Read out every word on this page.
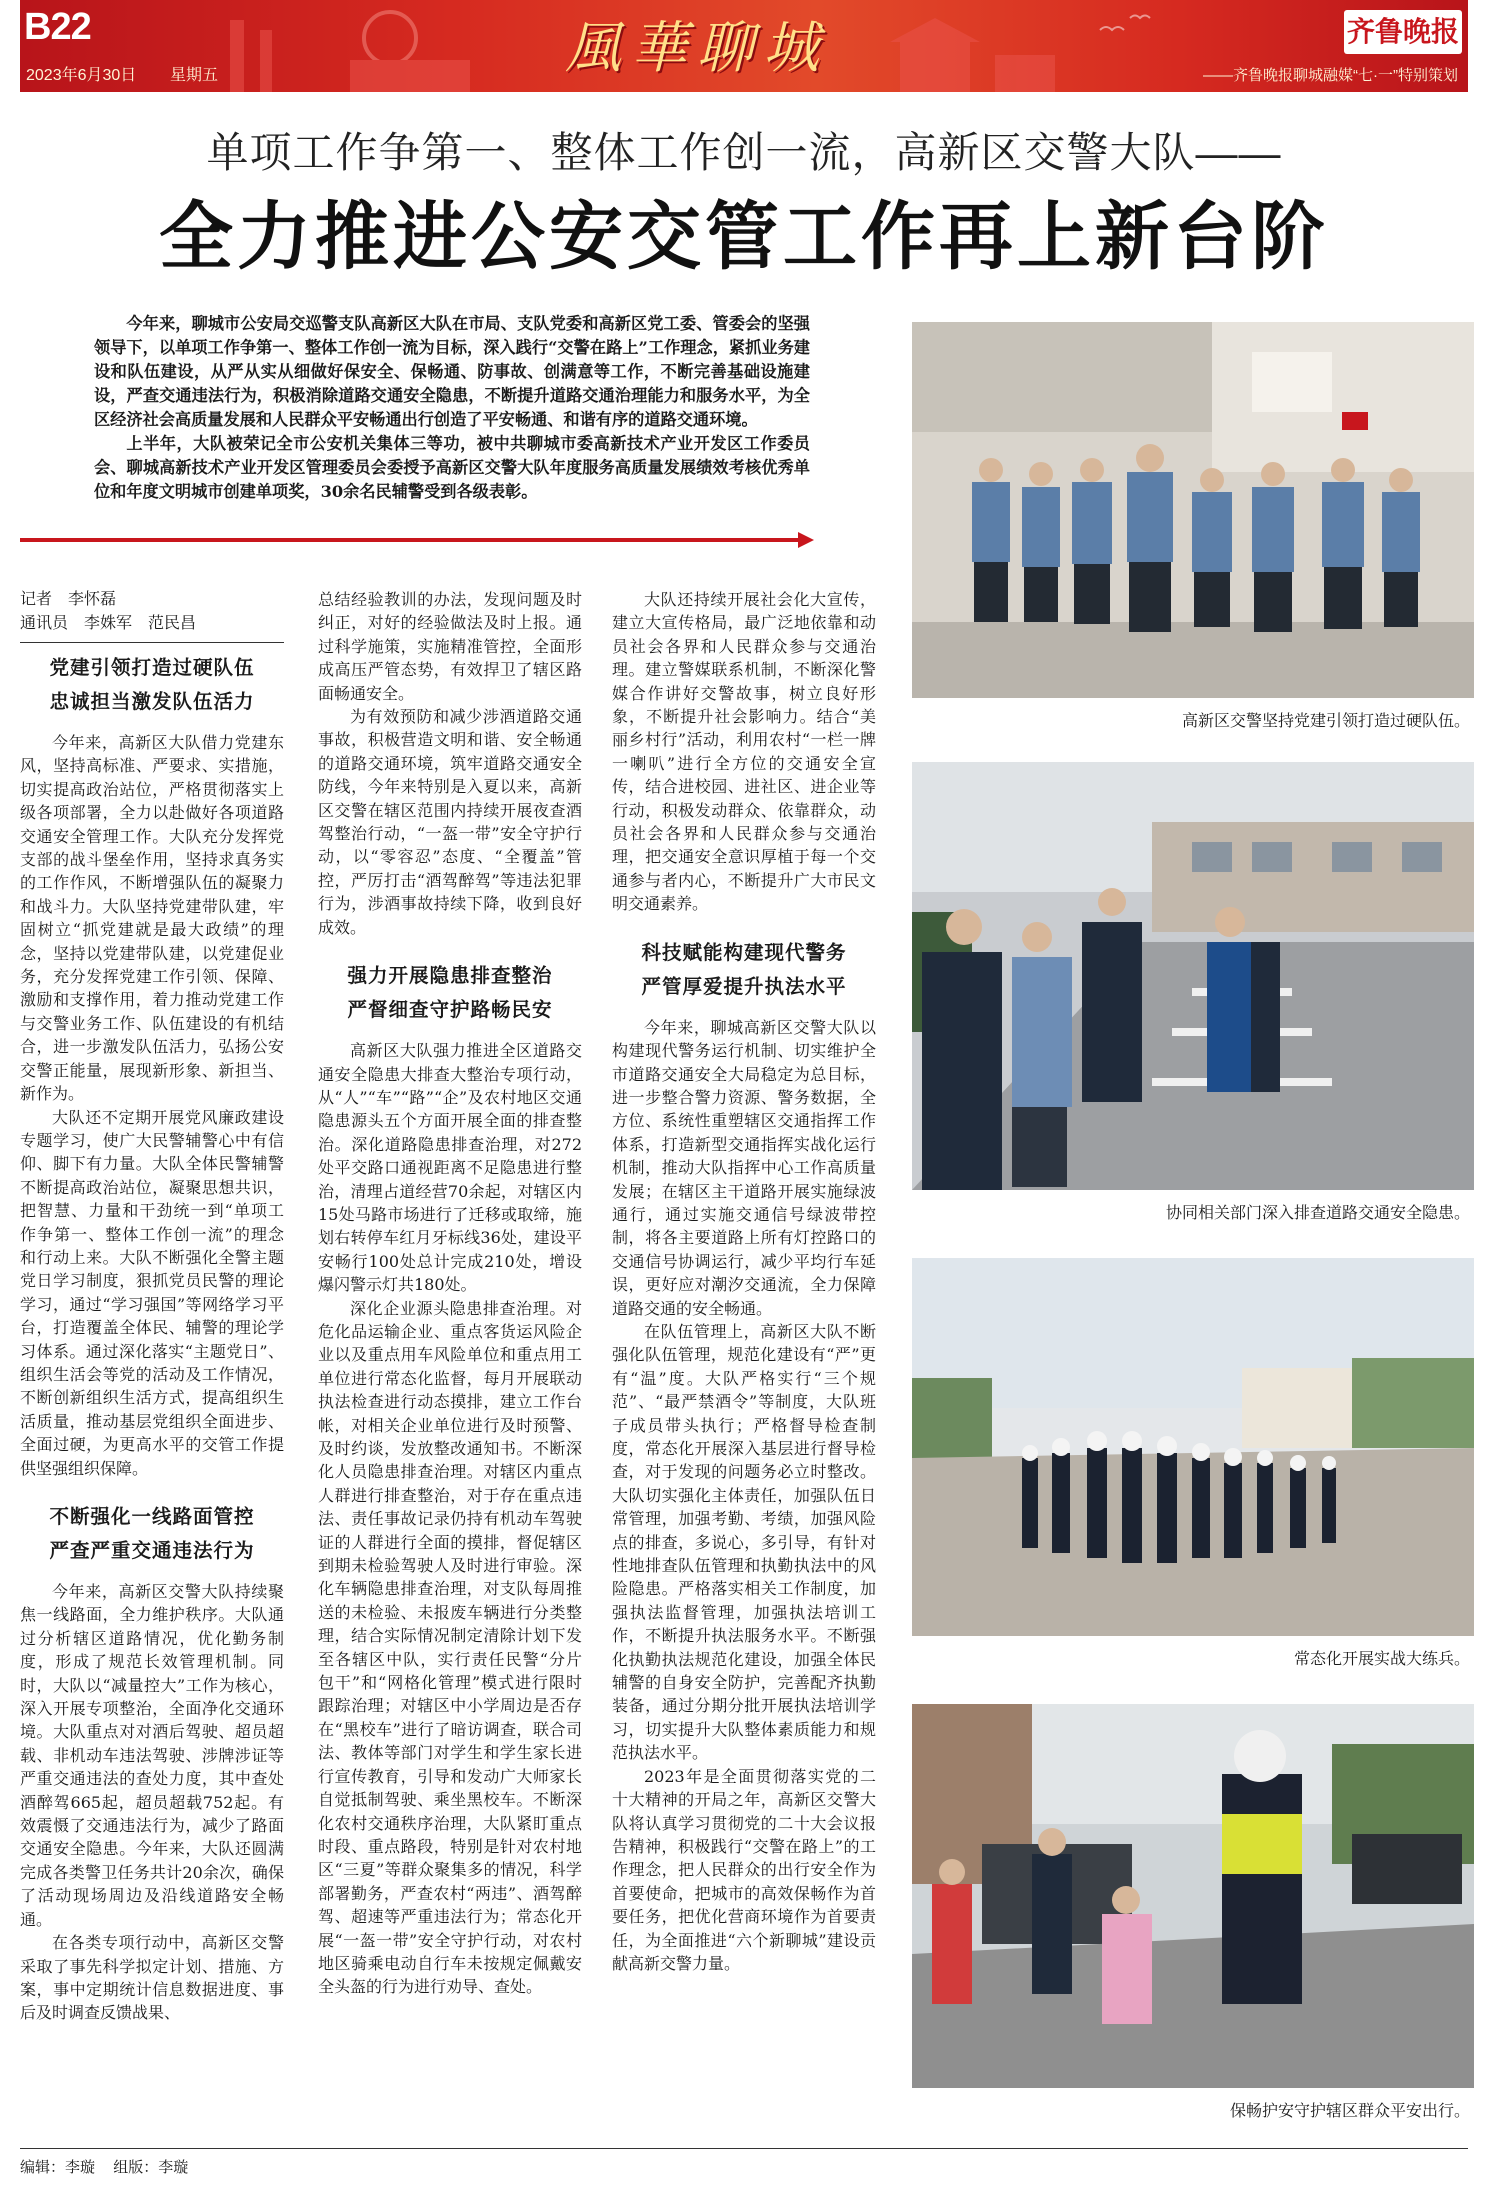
B22
2023年6月30日 星期五	風華聊城	齐鲁晚报
——齐鲁晚报聊城融媒“七·一”特别策划
单项工作争第一、整体工作创一流，高新区交警大队——
全力推进公安交管工作再上新台阶

今年来，聊城市公安局交巡警支队高新区大队在市局、支队党委和高新区党工委、管委会的坚强领导下，以单项工作争第一、整体工作创一流为目标，深入践行“交警在路上”工作理念，紧抓业务建设和队伍建设，从严从实从细做好保安全、保畅通、防事故、创满意等工作，不断完善基础设施建设，严查交通违法行为，积极消除道路交通安全隐患，不断提升道路交通治理能力和服务水平，为全区经济社会高质量发展和人民群众平安畅通出行创造了平安畅通、和谐有序的道路交通环境。

上半年，大队被荣记全市公安机关集体三等功，被中共聊城市委高新技术产业开发区工作委员会、聊城高新技术产业开发区管理委员会委授予高新区交警大队年度服务高质量发展绩效考核优秀单位和年度文明城市创建单项奖，30余名民辅警受到各级表彰。

记者　李怀磊
通讯员　李姝军　范民昌
党建引领打造过硬队伍
忠诚担当激发队伍活力

今年来，高新区大队借力党建东风，坚持高标准、严要求、实措施，切实提高政治站位，严格贯彻落实上级各项部署，全力以赴做好各项道路交通安全管理工作。大队充分发挥党支部的战斗堡垒作用，坚持求真务实的工作作风，不断增强队伍的凝聚力和战斗力。大队坚持党建带队建，牢固树立“抓党建就是最大政绩”的理念，坚持以党建带队建，以党建促业务，充分发挥党建工作引领、保障、激励和支撑作用，着力推动党建工作与交警业务工作、队伍建设的有机结合，进一步激发队伍活力，弘扬公安交警正能量，展现新形象、新担当、新作为。

大队还不定期开展党风廉政建设专题学习，使广大民警辅警心中有信仰、脚下有力量。大队全体民警辅警不断提高政治站位，凝聚思想共识，把智慧、力量和干劲统一到“单项工作争第一、整体工作创一流”的理念和行动上来。大队不断强化全警主题党日学习制度，狠抓党员民警的理论学习，通过“学习强国”等网络学习平台，打造覆盖全体民、辅警的理论学习体系。通过深化落实“主题党日”、组织生活会等党的活动及工作情况，不断创新组织生活方式，提高组织生活质量，推动基层党组织全面进步、全面过硬，为更高水平的交管工作提供坚强组织保障。

不断强化一线路面管控
严查严重交通违法行为

今年来，高新区交警大队持续聚焦一线路面，全力维护秩序。大队通过分析辖区道路情况，优化勤务制度，形成了规范长效管理机制。同时，大队以“减量控大”工作为核心，深入开展专项整治，全面净化交通环境。大队重点对对酒后驾驶、超员超载、非机动车违法驾驶、涉牌涉证等严重交通违法的查处力度，其中查处酒醉驾665起，超员超载752起。有效震慑了交通违法行为，减少了路面交通安全隐患。今年来，大队还圆满完成各类警卫任务共计20余次，确保了活动现场周边及沿线道路安全畅通。

在各类专项行动中，高新区交警采取了事先科学拟定计划、措施、方案，事中定期统计信息数据进度、事后及时调查反馈战果、

总结经验教训的办法，发现问题及时纠正，对好的经验做法及时上报。通过科学施策，实施精准管控，全面形成高压严管态势，有效捍卫了辖区路面畅通安全。

为有效预防和减少涉酒道路交通事故，积极营造文明和谐、安全畅通的道路交通环境，筑牢道路交通安全防线，今年来特别是入夏以来，高新区交警在辖区范围内持续开展夜查酒驾整治行动，“一盔一带”安全守护行动，以“零容忍”态度、“全覆盖”管控，严厉打击“酒驾醉驾”等违法犯罪行为，涉酒事故持续下降，收到良好成效。

强力开展隐患排查整治
严督细查守护路畅民安

高新区大队强力推进全区道路交通安全隐患大排查大整治专项行动，从“人”“车”“路”“企”及农村地区交通隐患源头五个方面开展全面的排查整治。深化道路隐患排查治理，对272处平交路口通视距离不足隐患进行整治，清理占道经营70余起，对辖区内15处马路市场进行了迁移或取缔，施划右转停车红月牙标线36处，建设平安畅行100处总计完成210处，增设爆闪警示灯共180处。

深化企业源头隐患排查治理。对危化品运输企业、重点客货运风险企业以及重点用车风险单位和重点用工单位进行常态化监督，每月开展联动执法检查进行动态摸排，建立工作台帐，对相关企业单位进行及时预警、及时约谈，发放整改通知书。不断深化人员隐患排查治理。对辖区内重点人群进行排查整治，对于存在重点违法、责任事故记录仍持有机动车驾驶证的人群进行全面的摸排，督促辖区到期未检验驾驶人及时进行审验。深化车辆隐患排查治理，对支队每周推送的未检验、未报废车辆进行分类整理，结合实际情况制定清除计划下发至各辖区中队，实行责任民警“分片包干”和“网格化管理”模式进行限时跟踪治理；对辖区中小学周边是否存在“黑校车”进行了暗访调查，联合司法、教体等部门对学生和学生家长进行宣传教育，引导和发动广大师家长自觉抵制驾驶、乘坐黑校车。不断深化农村交通秩序治理，大队紧盯重点时段、重点路段，特别是针对农村地区“三夏”等群众聚集多的情况，科学部署勤务，严查农村“两违”、酒驾醉驾、超速等严重违法行为；常态化开展“一盔一带”安全守护行动，对农村地区骑乘电动自行车未按规定佩戴安全头盔的行为进行劝导、查处。

大队还持续开展社会化大宣传，建立大宣传格局，最广泛地依靠和动员社会各界和人民群众参与交通治理。建立警媒联系机制，不断深化警媒合作讲好交警故事，树立良好形象，不断提升社会影响力。结合“美丽乡村行”活动，利用农村“一栏一牌一喇叭”进行全方位的交通安全宣传，结合进校园、进社区、进企业等行动，积极发动群众、依靠群众，动员社会各界和人民群众参与交通治理，把交通安全意识厚植于每一个交通参与者内心，不断提升广大市民文明交通素养。

科技赋能构建现代警务
严管厚爱提升执法水平

今年来，聊城高新区交警大队以构建现代警务运行机制、切实维护全市道路交通安全大局稳定为总目标，进一步整合警力资源、警务数据，全方位、系统性重塑辖区交通指挥工作体系，打造新型交通指挥实战化运行机制，推动大队指挥中心工作高质量发展；在辖区主干道路开展实施绿波通行，通过实施交通信号绿波带控制，将各主要道路上所有灯控路口的交通信号协调运行，减少平均行车延误，更好应对潮汐交通流，全力保障道路交通的安全畅通。

在队伍管理上，高新区大队不断强化队伍管理，规范化建设有“严”更有“温”度。大队严格实行“三个规范”、“最严禁酒令”等制度，大队班子成员带头执行；严格督导检查制度，常态化开展深入基层进行督导检查，对于发现的问题务必立时整改。大队切实强化主体责任，加强队伍日常管理，加强考勤、考绩，加强风险点的排查，多说心，多引导，有针对性地排查队伍管理和执勤执法中的风险隐患。严格落实相关工作制度，加强执法监督管理，加强执法培训工作，不断提升执法服务水平。不断强化执勤执法规范化建设，加强全体民辅警的自身安全防护，完善配齐执勤装备，通过分期分批开展执法培训学习，切实提升大队整体素质能力和规范执法水平。

2023年是全面贯彻落实党的二十大精神的开局之年，高新区交警大队将认真学习贯彻党的二十大会议报告精神，积极践行“交警在路上”的工作理念，把人民群众的出行安全作为首要使命，把城市的高效保畅作为首要任务，把优化营商环境作为首要责任，为全面推进“六个新聊城”建设贡献高新交警力量。

高新区交警坚持党建引领打造过硬队伍。
协同相关部门深入排查道路交通安全隐患。
常态化开展实战大练兵。
保畅护安守护辖区群众平安出行。
编辑：李璇 组版：李璇
